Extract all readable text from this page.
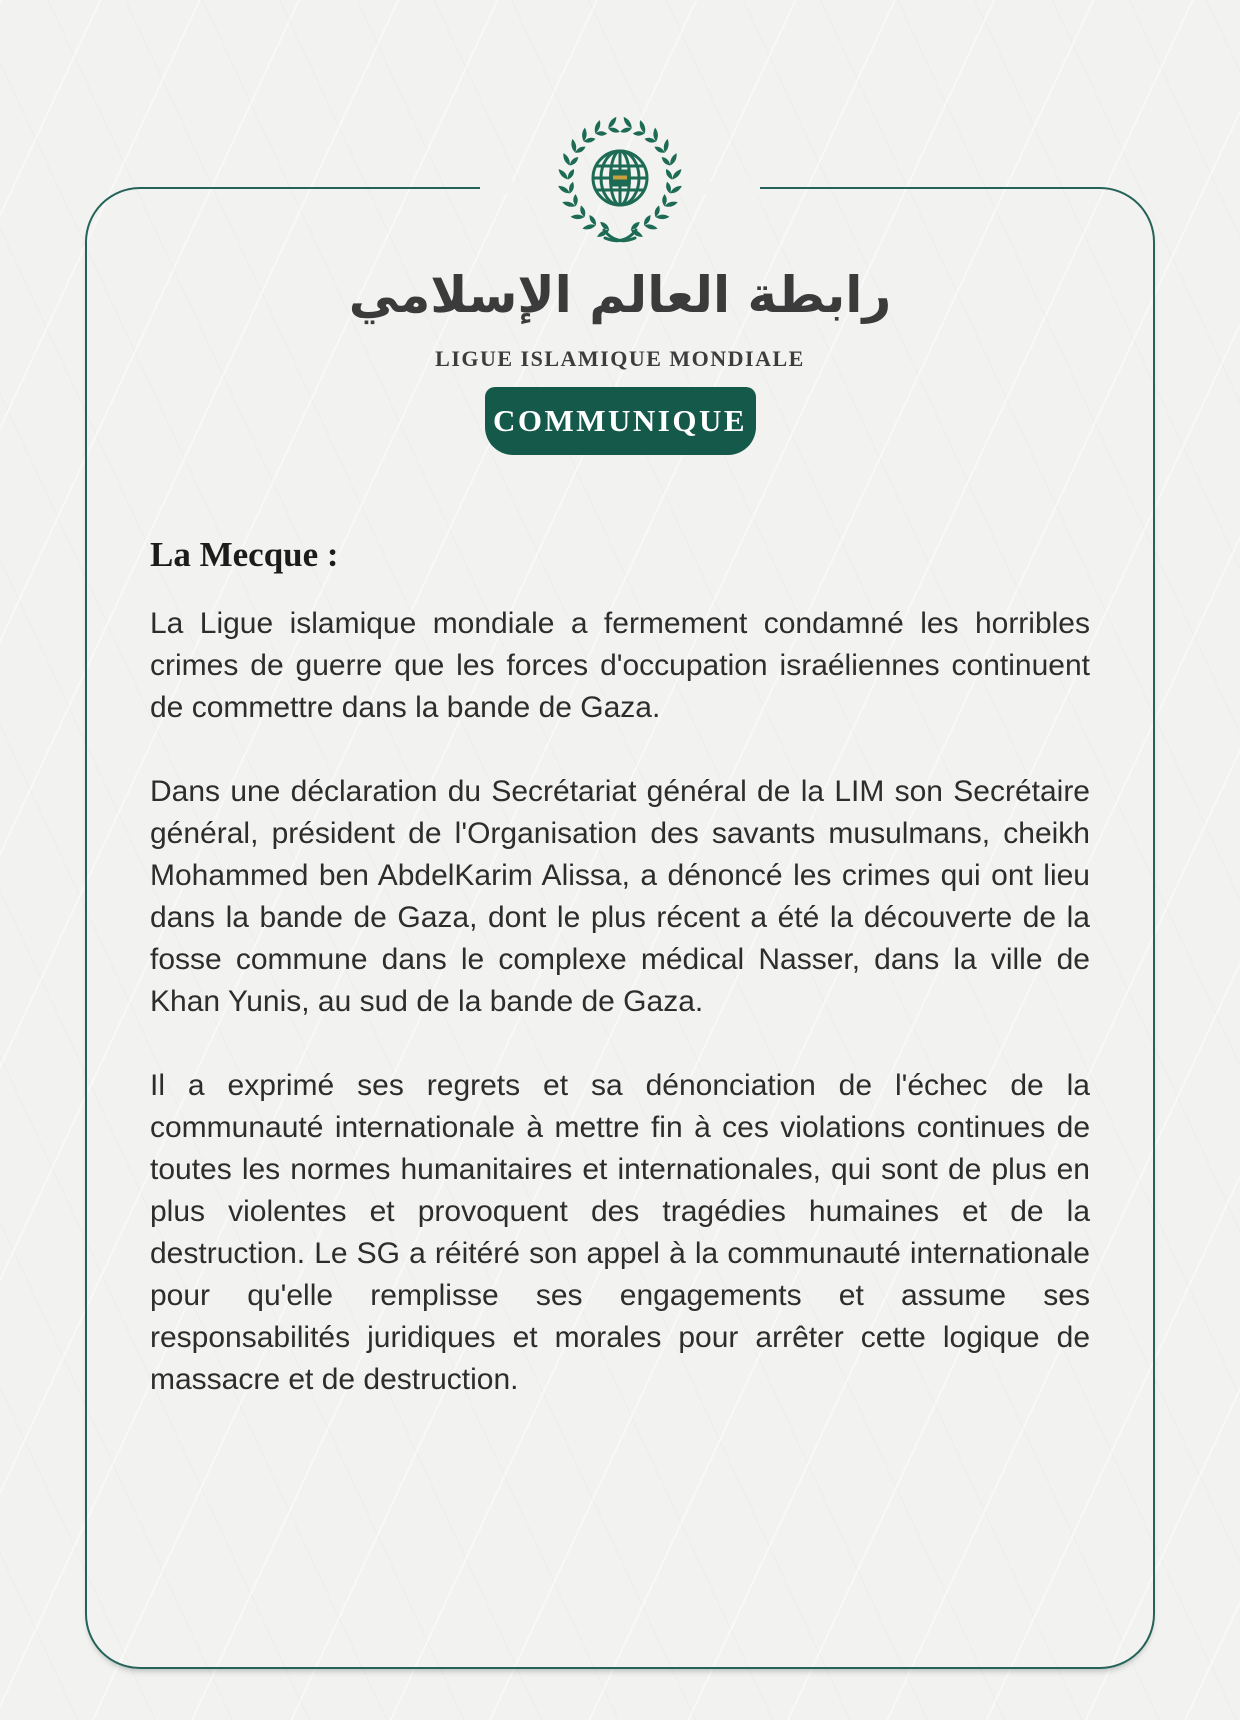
رابطة العالم الإسلامي
LIGUE ISLAMIQUE MONDIALE
COMMUNIQUE
La Mecque :

La Ligue islamique mondiale a fermement condamné les horribles crimes de guerre que les forces d'occupation israéliennes continuent de commettre dans la bande de Gaza.

Dans une déclaration du Secrétariat général de la LIM son Secrétaire général, président de l'Organisation des savants musulmans, cheikh Mohammed ben AbdelKarim Alissa, a dénoncé les crimes qui ont lieu dans la bande de Gaza, dont le plus récent a été la découverte de la fosse commune dans le complexe médical Nasser, dans la ville de Khan Yunis, au sud de la bande de Gaza.

Il a exprimé ses regrets et sa dénonciation de l'échec de la communauté internationale à mettre fin à ces violations continues de toutes les normes humanitaires et internationales, qui sont de plus en plus violentes et provoquent des tragédies humaines et de la destruction. Le SG a réitéré son appel à la communauté internationale pour qu'elle remplisse ses engagements et assume ses responsabilités juridiques et morales pour arrêter cette logique de massacre et de destruction.
